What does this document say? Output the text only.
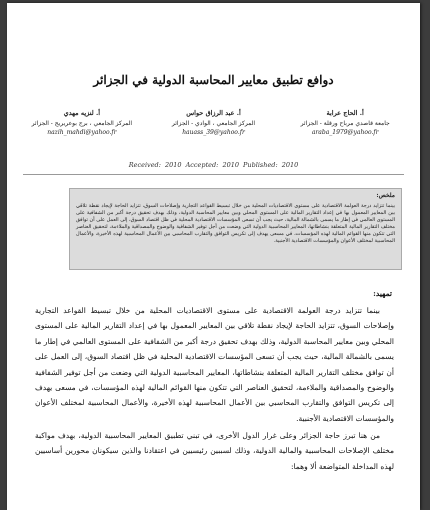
دوافع تطبيق معايير المحاسبة الدولية في الجزائر
أ. الحاج عرابة
جامعة قاصدي مرباح ورقلة - الجزائر
araba_1979@yahoo.fr
أ. عبد الرزاق حواس
المركز الجامعي ، الوادي - الجزائر
hauass_39@yahoo.fr
أ. لنزيه مهدي
المركز الجامعي ، برج بوعريريج - الجزائر
nazih_mahdi@yahoo.fr
Received: 2010 Accepted: 2010 Published: 2010
ملخص:
بينما تتزايد درجة العولمة الاقتصادية على مستوى الاقتصاديات المحلية من خلال تبسيط القواعد التجارية وإصلاحات السوق، تتزايد الحاجة لإيجاد نقطة تلاقي بين المعايير المعمول بها في إعداد التقارير المالية على المستوى المحلي وبين معايير المحاسبة الدولية، وذلك بهدف تحقيق درجة أكبر من الشفافية على المستوى العالمي في إطار ما يسمى بالشمالة المالية، حيث يجب أن تسعى المؤسسات الاقتصادية المحلية في ظل اقتصاد السوق، إلى العمل على أن توافق مختلف التقارير المالية المتعلقة بنشاطاتها، المعايير المحاسبية الدولية التي وضعت من أجل توفير الشفافية والوضوح والمصداقية والملاءمة، لتحقيق العناصر التي تتكون منها القوائم المالية لهذه المؤسسات، في مسعى يهدف إلى تكريس التوافق والتقارب المحاسبي بين الأعمال المحاسبية لهذه الأخيرة، والأعمال المحاسبية لمختلف الأعوان والمؤسسات الاقتصادية الأجنبية.
تمهيد:

بينما تتزايد درجة العولمة الاقتصادية على مستوى الاقتصاديات المحلية من خلال تبسيط القواعد التجارية وإصلاحات السوق، تتزايد الحاجة لإيجاد نقطة تلاقي بين المعايير المعمول بها في إعداد التقارير المالية على المستوى المحلي وبين معايير المحاسبة الدولية، وذلك بهدف تحقيق درجة أكبر من الشفافية على المستوى العالمي في إطار ما يسمى بالشمالة المالية، حيث يجب أن تسعى المؤسسات الاقتصادية المحلية في ظل اقتصاد السوق، إلى العمل على أن توافق مختلف التقارير المالية المتعلقة بنشاطاتها، المعايير المحاسبية الدولية التي وضعت من أجل توفير الشفافية والوضوح والمصداقية والملاءمة، لتحقيق العناصر التي تتكون منها القوائم المالية لهذه المؤسسات، في مسعى يهدف إلى تكريس التوافق والتقارب المحاسبي بين الأعمال المحاسبية لهذه الأخيرة، والأعمال المحاسبية لمختلف الأعوان والمؤسسات الاقتصادية الأجنبية.

من هنا تبرز حاجة الجزائر وعلى غرار الدول الأخرى، في تبني تطبيق المعايير المحاسبية الدولية، بهدف مواكبة مختلف الإصلاحات المحاسبية والمالية الدولية، وذلك لسببين رئيسيين في اعتقادنا والذين سيكونان محورين أساسيين لهذه المداخلة المتواضعة ألا وهما:
